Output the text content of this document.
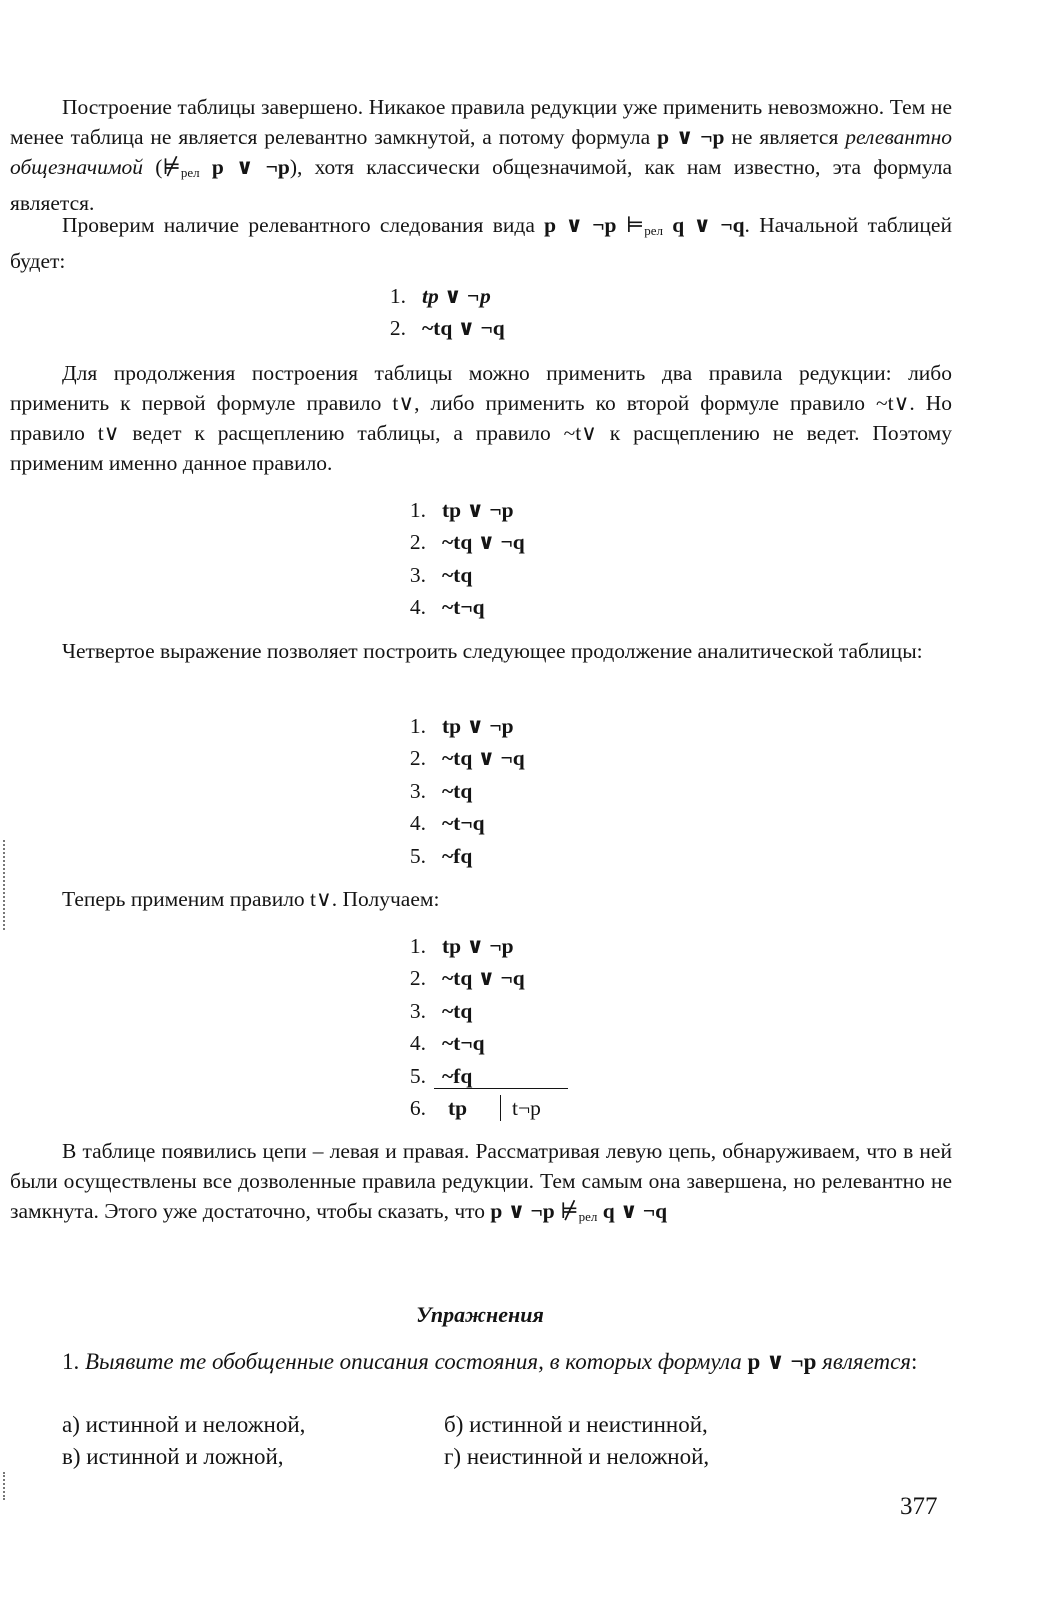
Построение таблицы завершено. Никакое правила редукции уже применить невозможно. Тем не менее таблица не является релевантно замкнутой, а потому формула p ∨ ¬p не является релевантно общезначимой ($⊭_{рел}$ p ∨ ¬p), хотя классически общезначимой, как нам известно, эта формула является.

Проверим наличие релевантного следования вида p ∨ ¬p $⊨_{рел}$ q ∨ ¬q. Начальной таблицей будет:

1. tp ∨ ¬p
2. ~tq ∨ ¬q

Для продолжения построения таблицы можно применить два правила редукции: либо применить к первой формуле правило t∨, либо применить ко второй формуле правило ~t∨. Но правило t∨ ведет к расщеплению таблицы, а правило ~t∨ к расщеплению не ведет. Поэтому применим именно данное правило.

1. tp ∨ ¬p
2. ~tq ∨ ¬q
3. ~tq
4. ~t¬q

Четвертое выражение позволяет построить следующее продолжение аналитической таблицы:

1. tp ∨ ¬p
2. ~tq ∨ ¬q
3. ~tq
4. ~t¬q
5. ~fq

Теперь применим правило t∨. Получаем:

1. tp ∨ ¬p
2. ~tq ∨ ¬q
3. ~tq
4. ~t¬q
5. ~fq
6. tp t¬p

В таблице появились цепи – левая и правая. Рассматривая левую цепь, обнаруживаем, что в ней были осуществлены все дозволенные правила редукции. Тем самым она завершена, но релевантно не замкнута. Этого уже достаточно, чтобы сказать, что p ∨ ¬p $⊭_{рел}$ q ∨ ¬q

Упражнения

1. Выявите те обобщенные описания состояния, в которых формула p ∨ ¬p является:

а) истинной и неложной,	б) истинной и неистинной,
в) истинной и ложной,	г) неистинной и неложной,
377
